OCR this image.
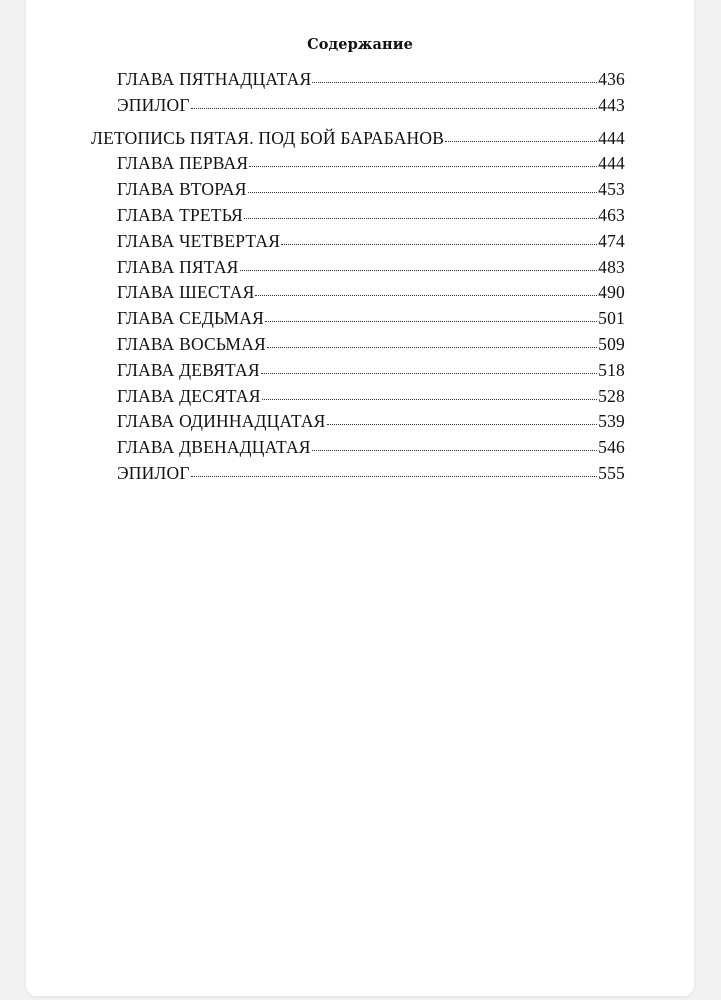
Содержание
ГЛАВА ПЯТНАДЦАТАЯ	436
ЭПИЛОГ	443
ЛЕТОПИСЬ ПЯТАЯ. ПОД БОЙ БАРАБАНОВ	444
ГЛАВА ПЕРВАЯ	444
ГЛАВА ВТОРАЯ	453
ГЛАВА ТРЕТЬЯ	463
ГЛАВА ЧЕТВЕРТАЯ	474
ГЛАВА ПЯТАЯ	483
ГЛАВА ШЕСТАЯ	490
ГЛАВА СЕДЬМАЯ	501
ГЛАВА ВОСЬМАЯ	509
ГЛАВА ДЕВЯТАЯ	518
ГЛАВА ДЕСЯТАЯ	528
ГЛАВА ОДИННАДЦАТАЯ	539
ГЛАВА ДВЕНАДЦАТАЯ	546
ЭПИЛОГ	555
